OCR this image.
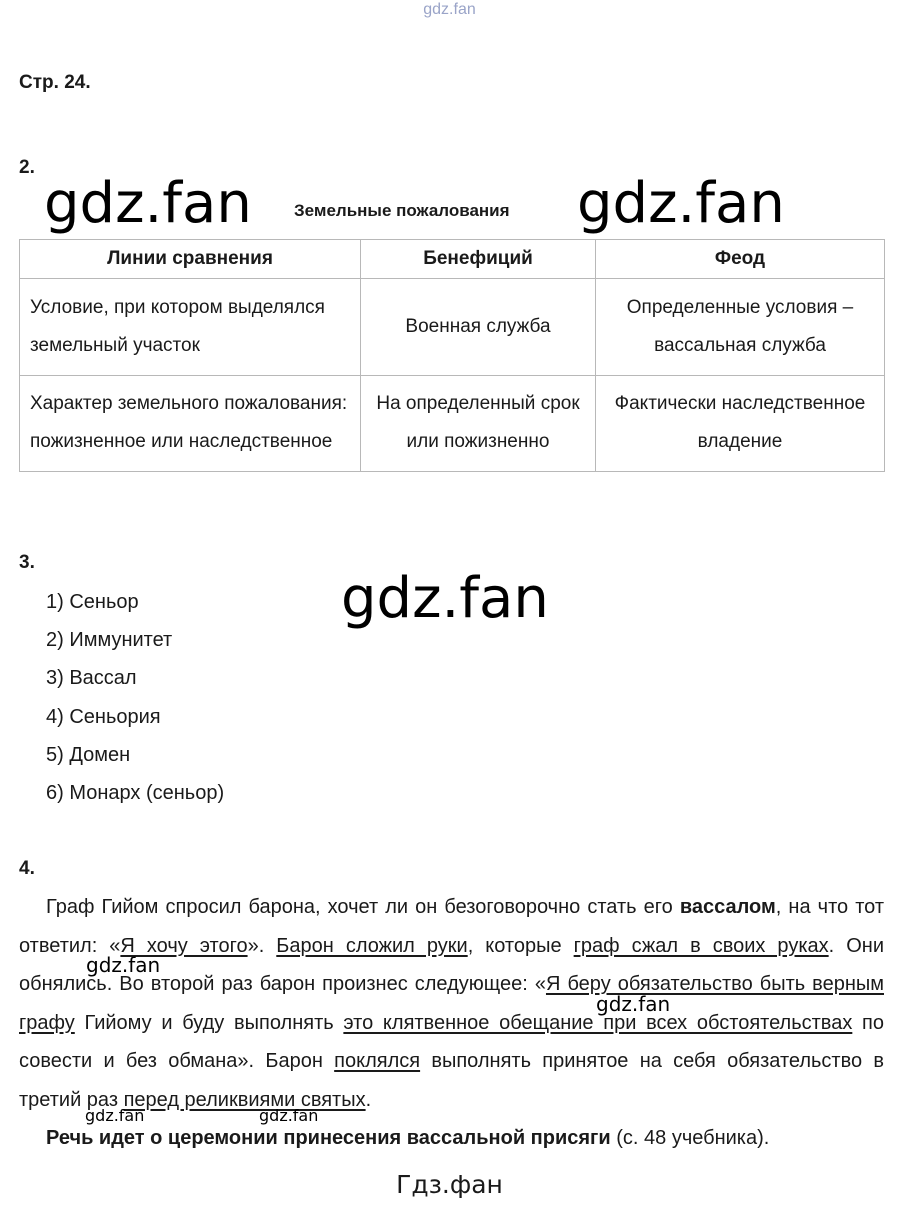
gdz.fan
Стр. 24.
2.
gdz.fan Земельные пожалования gdz.fan
Линии сравнения	Бенефиций	Феод
Условие, при котором выделялся земельный участок	Военная служба	Определенные условия – вассальная служба
Характер земельного пожалования: пожизненное или наследственное	На определенный срок или пожизненно	Фактически наследственное владение
3.
gdz.fan
1) Сеньор
2) Иммунитет
3) Вассал
4) Сеньория
5) Домен
6) Монарх (сеньор)
4.

Граф Гийом спросил барона, хочет ли он безоговорочно стать его вассалом, на что тот ответил: «Я хочу этого». Барон сложил руки, которые граф сжал в своих руках. Они обнялись. Во второй раз барон произнес следующее: «Я беру обязательство быть верным графу Гийому и буду выполнять это клятвенное обещание при всех обстоятельствах по совести и без обмана». Барон поклялся выполнять принятое на себя обязательство в третий раз перед реликвиями святых.

Речь идет о церемонии принесения вассальной присяги (с. 48 учебника).

gdz.fan
gdz.fan
gdz.fan	gdz.fan
Гдз.фан
